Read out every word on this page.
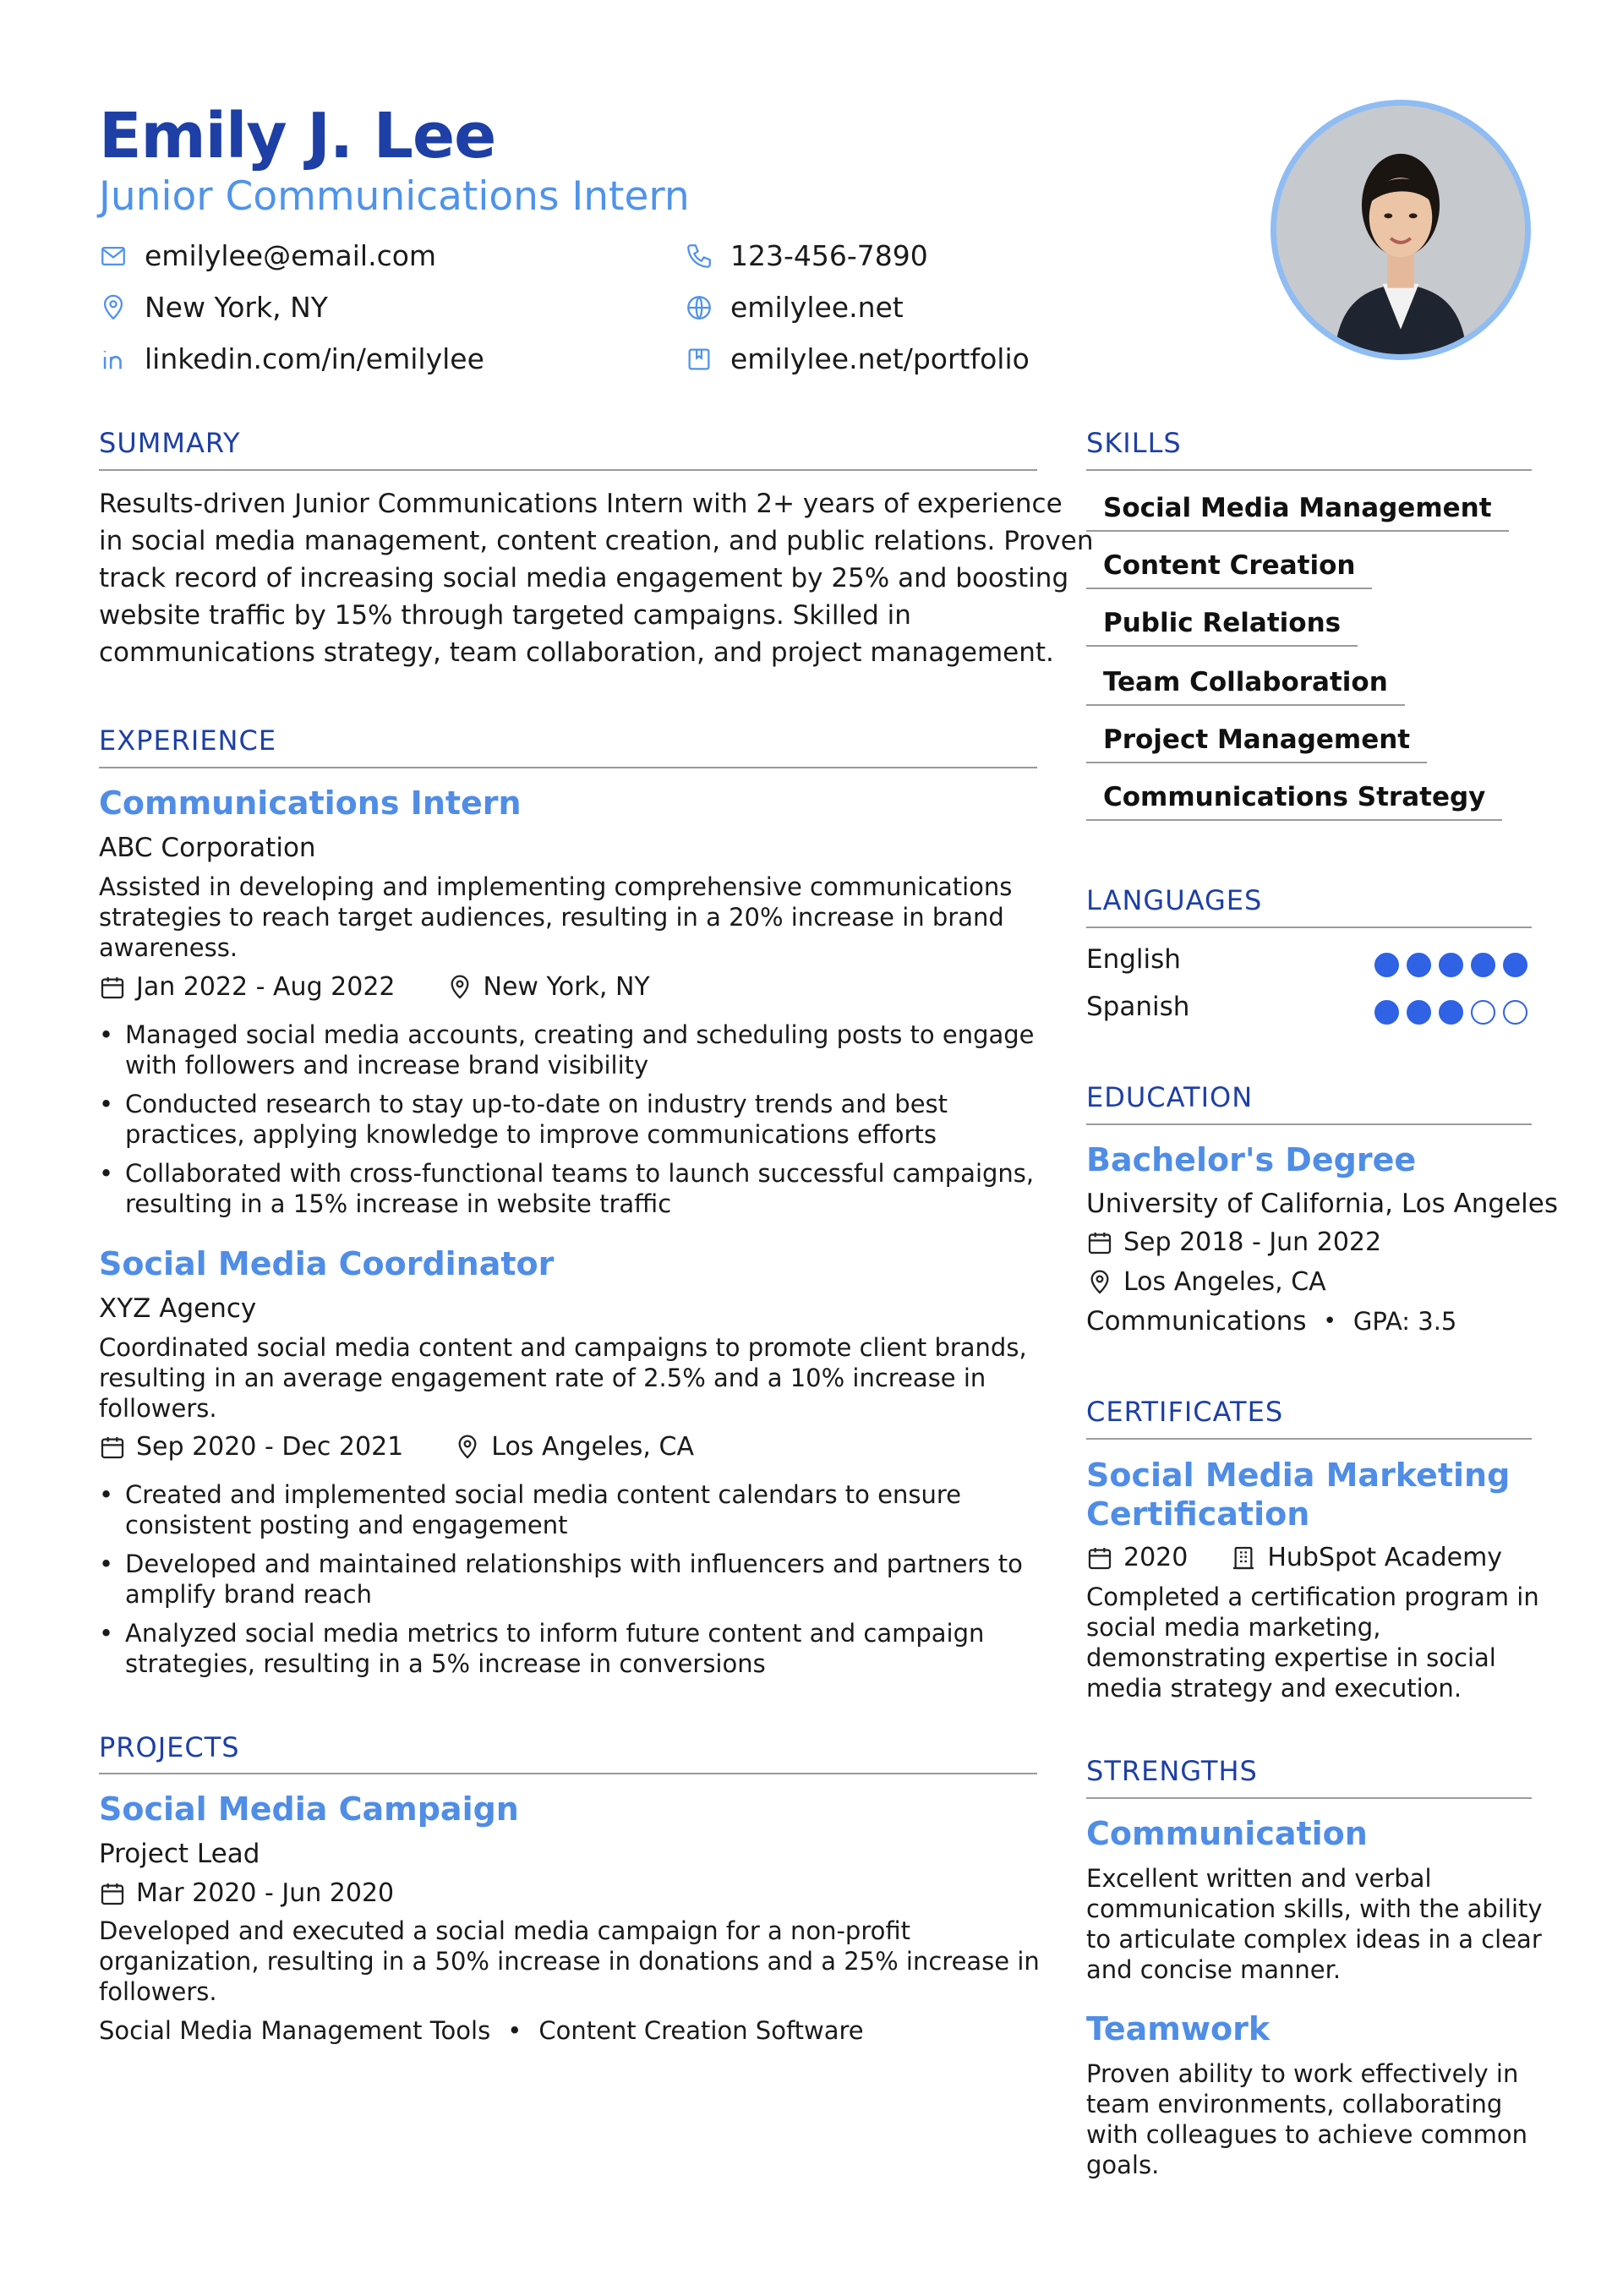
Emily J. Lee
Junior Communications Intern
emilylee@email.com	123-456-7890
New York, NY	emilylee.net
linkedin.com/in/emilylee	emilylee.net/portfolio
SUMMARY
Results-driven Junior Communications Intern with 2+ years of experience
in social media management, content creation, and public relations. Proven
track record of increasing social media engagement by 25% and boosting
website traffic by 15% through targeted campaigns. Skilled in
communications strategy, team collaboration, and project management.
EXPERIENCE
Communications Intern
ABC Corporation
Assisted in developing and implementing comprehensive communications
strategies to reach target audiences, resulting in a 20% increase in brand
awareness.
Jan 2022 - Aug 2022	New York, NY
• Managed social media accounts, creating and scheduling posts to engage
with followers and increase brand visibility
• Conducted research to stay up-to-date on industry trends and best
practices, applying knowledge to improve communications efforts
• Collaborated with cross-functional teams to launch successful campaigns,
resulting in a 15% increase in website traffic
Social Media Coordinator
XYZ Agency
Coordinated social media content and campaigns to promote client brands,
resulting in an average engagement rate of 2.5% and a 10% increase in
followers.
Sep 2020 - Dec 2021	Los Angeles, CA
• Created and implemented social media content calendars to ensure
consistent posting and engagement
• Developed and maintained relationships with influencers and partners to
amplify brand reach
• Analyzed social media metrics to inform future content and campaign
strategies, resulting in a 5% increase in conversions
PROJECTS
Social Media Campaign
Project Lead
Mar 2020 - Jun 2020
Developed and executed a social media campaign for a non-profit
organization, resulting in a 50% increase in donations and a 25% increase in
followers.
Social Media Management Tools • Content Creation Software
SKILLS
Social Media Management
Content Creation
Public Relations
Team Collaboration
Project Management
Communications Strategy
LANGUAGES
English
Spanish
EDUCATION
Bachelor's Degree
University of California, Los Angeles
Sep 2018 - Jun 2022
Los Angeles, CA
Communications • GPA: 3.5
CERTIFICATES
Social Media Marketing
Certification
2020	HubSpot Academy
Completed a certification program in
social media marketing,
demonstrating expertise in social
media strategy and execution.
STRENGTHS
Communication
Excellent written and verbal
communication skills, with the ability
to articulate complex ideas in a clear
and concise manner.
Teamwork
Proven ability to work effectively in
team environments, collaborating
with colleagues to achieve common
goals.
